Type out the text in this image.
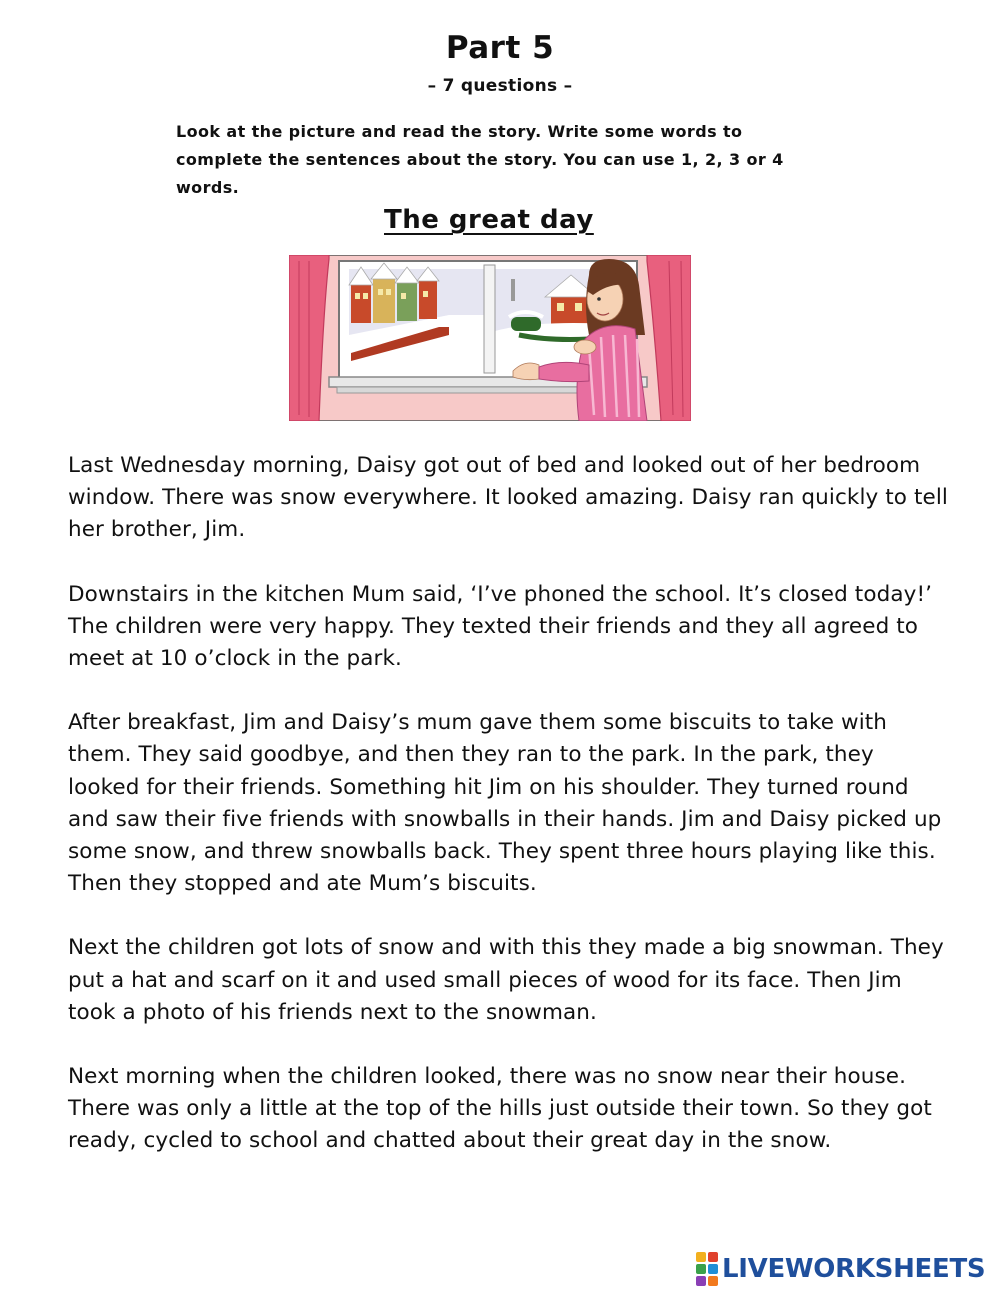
Part 5
– 7 questions –
Look at the picture and read the story. Write some words to complete the sentences about the story. You can use 1, 2, 3 or 4 words.
The great day

Last Wednesday morning, Daisy got out of bed and looked out of her bedroom window. There was snow everywhere. It looked amazing. Daisy ran quickly to tell her brother, Jim.

Downstairs in the kitchen Mum said, ‘I’ve phoned the school. It’s closed today!’ The children were very happy. They texted their friends and they all agreed to meet at 10 o’clock in the park.

After breakfast, Jim and Daisy’s mum gave them some biscuits to take with them. They said goodbye, and then they ran to the park. In the park, they looked for their friends. Something hit Jim on his shoulder. They turned round and saw their five friends with snowballs in their hands. Jim and Daisy picked up some snow, and threw snowballs back. They spent three hours playing like this. Then they stopped and ate Mum’s biscuits.

Next the children got lots of snow and with this they made a big snowman. They put a hat and scarf on it and used small pieces of wood for its face. Then Jim took a photo of his friends next to the snowman.

Next morning when the children looked, there was no snow near their house. There was only a little at the top of the hills just outside their town. So they got ready, cycled to school and chatted about their great day in the snow.

LIVEWORKSHEETS
